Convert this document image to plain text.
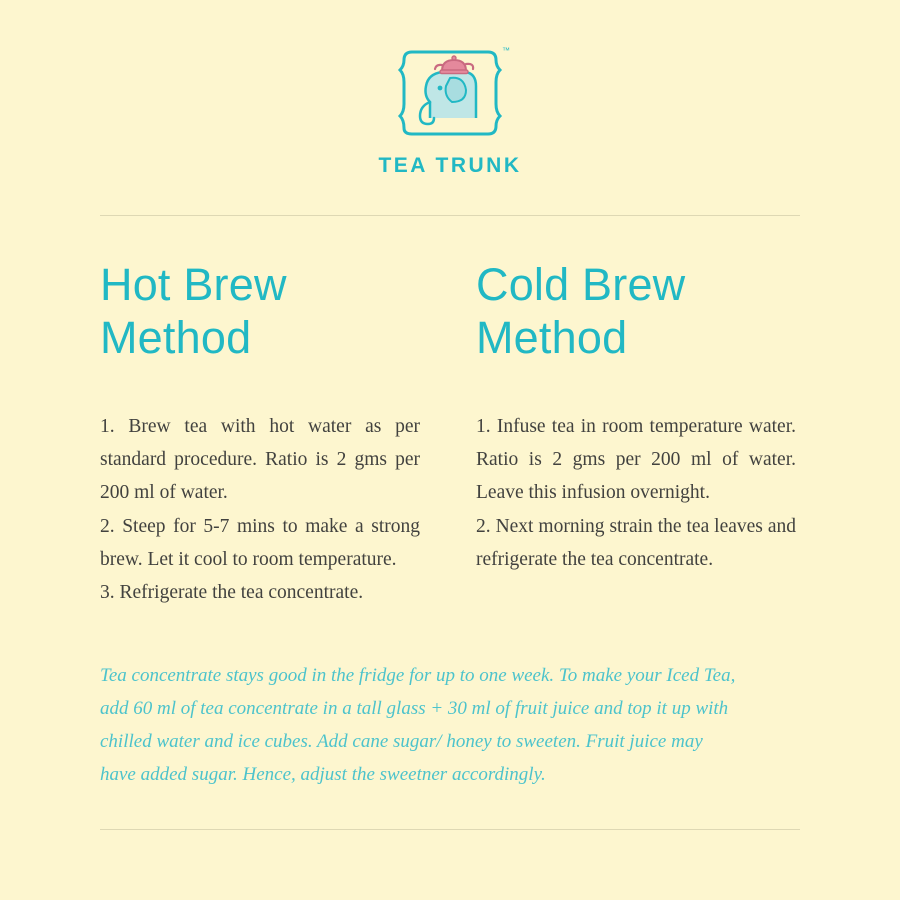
™
TEA TRUNK
Hot Brew Method

1. Brew tea with hot water as per standard procedure. Ratio is 2 gms per 200 ml of water.

2. Steep for 5-7 mins to make a strong brew. Let it cool to room temperature.

3. Refrigerate the tea concentrate.

Cold Brew Method

1. Infuse tea in room temperature water. Ratio is 2 gms per 200 ml of water. Leave this infusion overnight.

2. Next morning strain the tea leaves and refrigerate the tea concentrate.

Tea concentrate stays good in the fridge for up to one week. To make your Iced Tea,
add 60 ml of tea concentrate in a tall glass + 30 ml of fruit juice and top it up with
chilled water and ice cubes. Add cane sugar/ honey to sweeten. Fruit juice may
have added sugar. Hence, adjust the sweetner accordingly.
